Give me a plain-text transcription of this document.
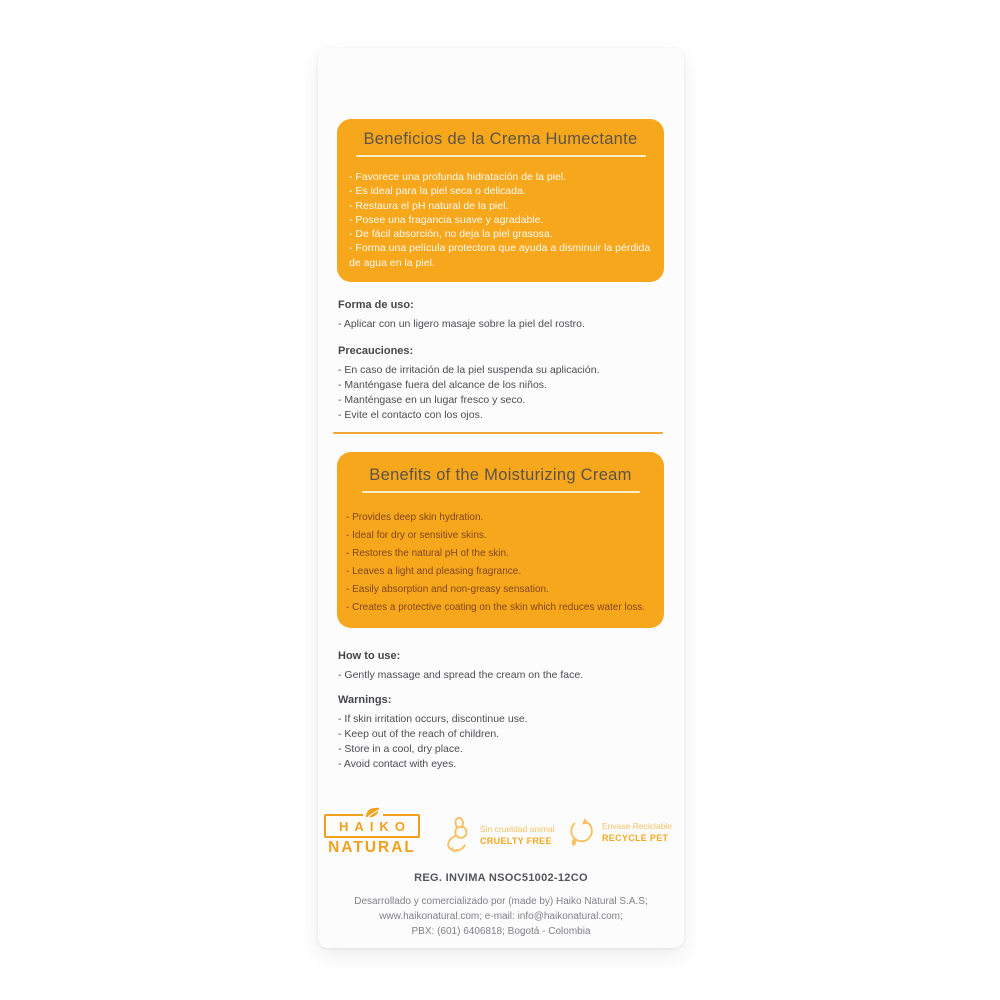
Beneficios de la Crema Humectante
- Favorece una profunda hidratación de la piel.
- Es ideal para la piel seca o delicada.
- Restaura el pH natural de la piel.
- Posee una fragancia suave y agradable.
- De fácil absorción, no deja la piel grasosa.
- Forma una película protectora que ayuda a disminuir la pérdida de agua en la piel.
Forma de uso:
- Aplicar con un ligero masaje sobre la piel del rostro.
Precauciones:
- En caso de irritación de la piel suspenda su aplicación.
- Manténgase fuera del alcance de los niños.
- Manténgase en un lugar fresco y seco.
- Evite el contacto con los ojos.
Benefits of the Moisturizing Cream
- Provides deep skin hydration.
- Ideal for dry or sensitive skins.
- Restores the natural pH of the skin.
- Leaves a light and pleasing fragrance.
- Easily absorption and non-greasy sensation.
- Creates a protective coating on the skin which reduces water loss.
How to use:
- Gently massage and spread the cream on the face.
Warnings:
- If skin irritation occurs, discontinue use.
- Keep out of the reach of children.
- Store in a cool, dry place.
- Avoid contact with eyes.
HAIKO
NATURAL
Sin crueldad animal
CRUELTY FREE
Envase Reciclable
RECYCLE PET
REG. INVIMA NSOC51002-12CO
Desarrollado y comercializado por (made by) Haiko Natural S.A.S;
www.haikonatural.com; e-mail: info@haikonatural.com;
PBX: (601) 6406818; Bogotá - Colombia
